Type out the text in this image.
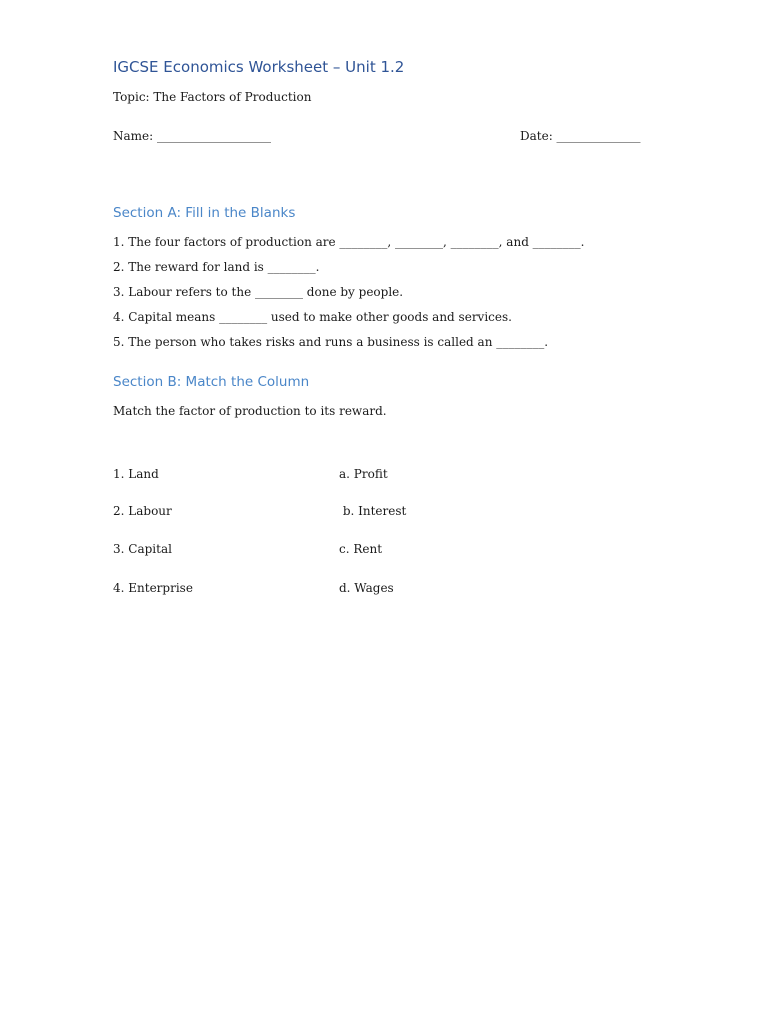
IGCSE Economics Worksheet – Unit 1.2
Topic: The Factors of Production
Name: ___________________	Date: ______________
Section A: Fill in the Blanks
1. The four factors of production are ________, ________, ________, and ________.
2. The reward for land is ________.
3. Labour refers to the ________ done by people.
4. Capital means ________ used to make other goods and services.
5. The person who takes risks and runs a business is called an ________.
Section B: Match the Column
Match the factor of production to its reward.
1. Land
2. Labour
3. Capital
4. Enterprise
a. Profit
b. Interest
c. Rent
d. Wages
